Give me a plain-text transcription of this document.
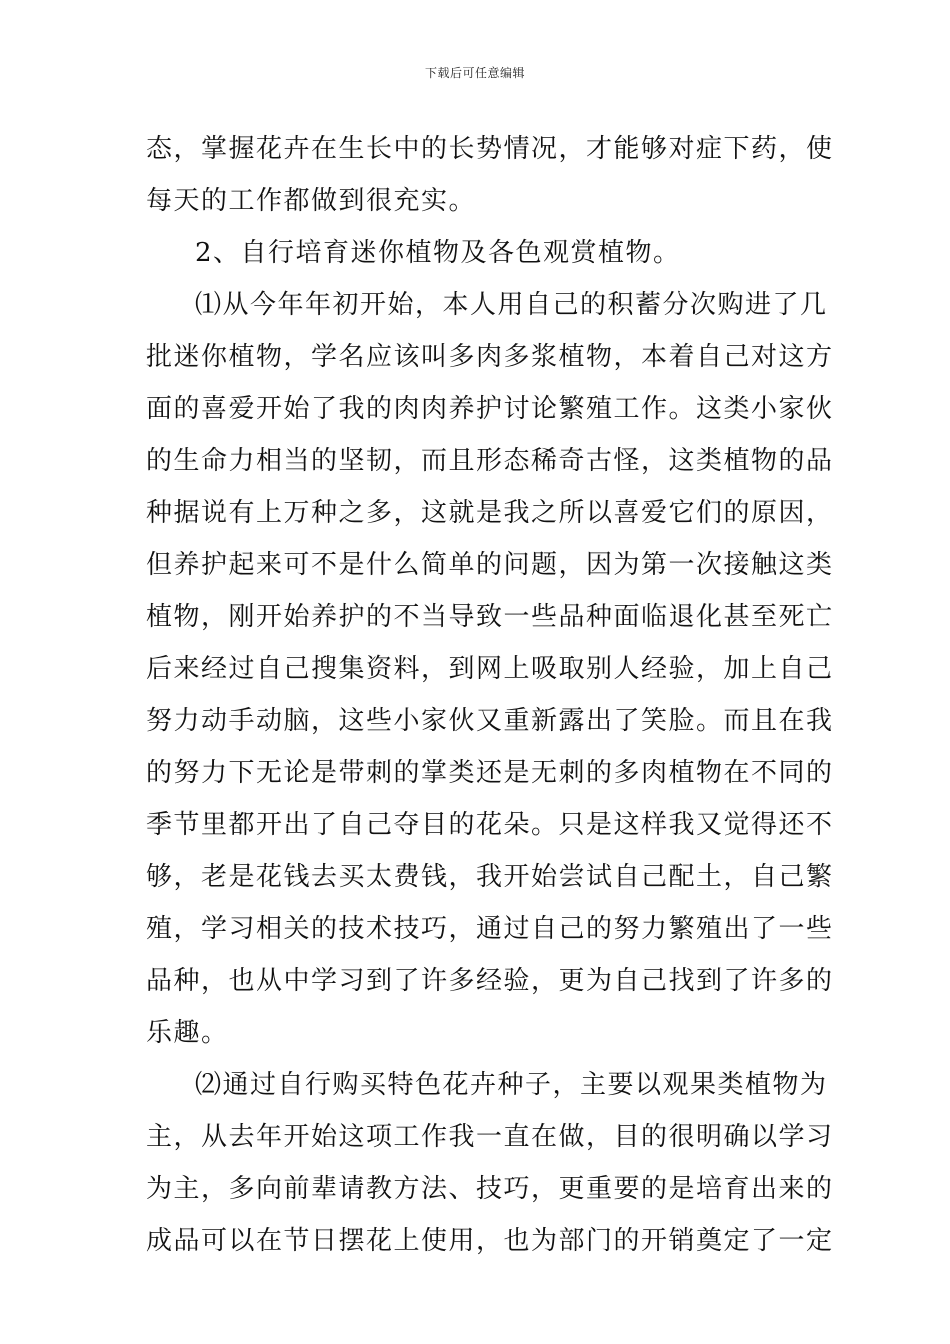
下载后可任意编辑
态，掌握花卉在生长中的长势情况，才能够对症下药，使
每天的工作都做到很充实。
2、自行培育迷你植物及各色观赏植物。
⑴从今年年初开始，本人用自己的积蓄分次购进了几
批迷你植物，学名应该叫多肉多浆植物，本着自己对这方
面的喜爱开始了我的肉肉养护讨论繁殖工作。这类小家伙
的生命力相当的坚韧，而且形态稀奇古怪，这类植物的品
种据说有上万种之多，这就是我之所以喜爱它们的原因，
但养护起来可不是什么简单的问题，因为第一次接触这类
植物，刚开始养护的不当导致一些品种面临退化甚至死亡
后来经过自己搜集资料，到网上吸取别人经验，加上自己
努力动手动脑，这些小家伙又重新露出了笑脸。而且在我
的努力下无论是带刺的掌类还是无刺的多肉植物在不同的
季节里都开出了自己夺目的花朵。只是这样我又觉得还不
够，老是花钱去买太费钱，我开始尝试自己配土，自己繁
殖，学习相关的技术技巧，通过自己的努力繁殖出了一些
品种，也从中学习到了许多经验，更为自己找到了许多的
乐趣。
⑵通过自行购买特色花卉种子，主要以观果类植物为
主，从去年开始这项工作我一直在做，目的很明确以学习
为主，多向前辈请教方法、技巧，更重要的是培育出来的
成品可以在节日摆花上使用，也为部门的开销奠定了一定
